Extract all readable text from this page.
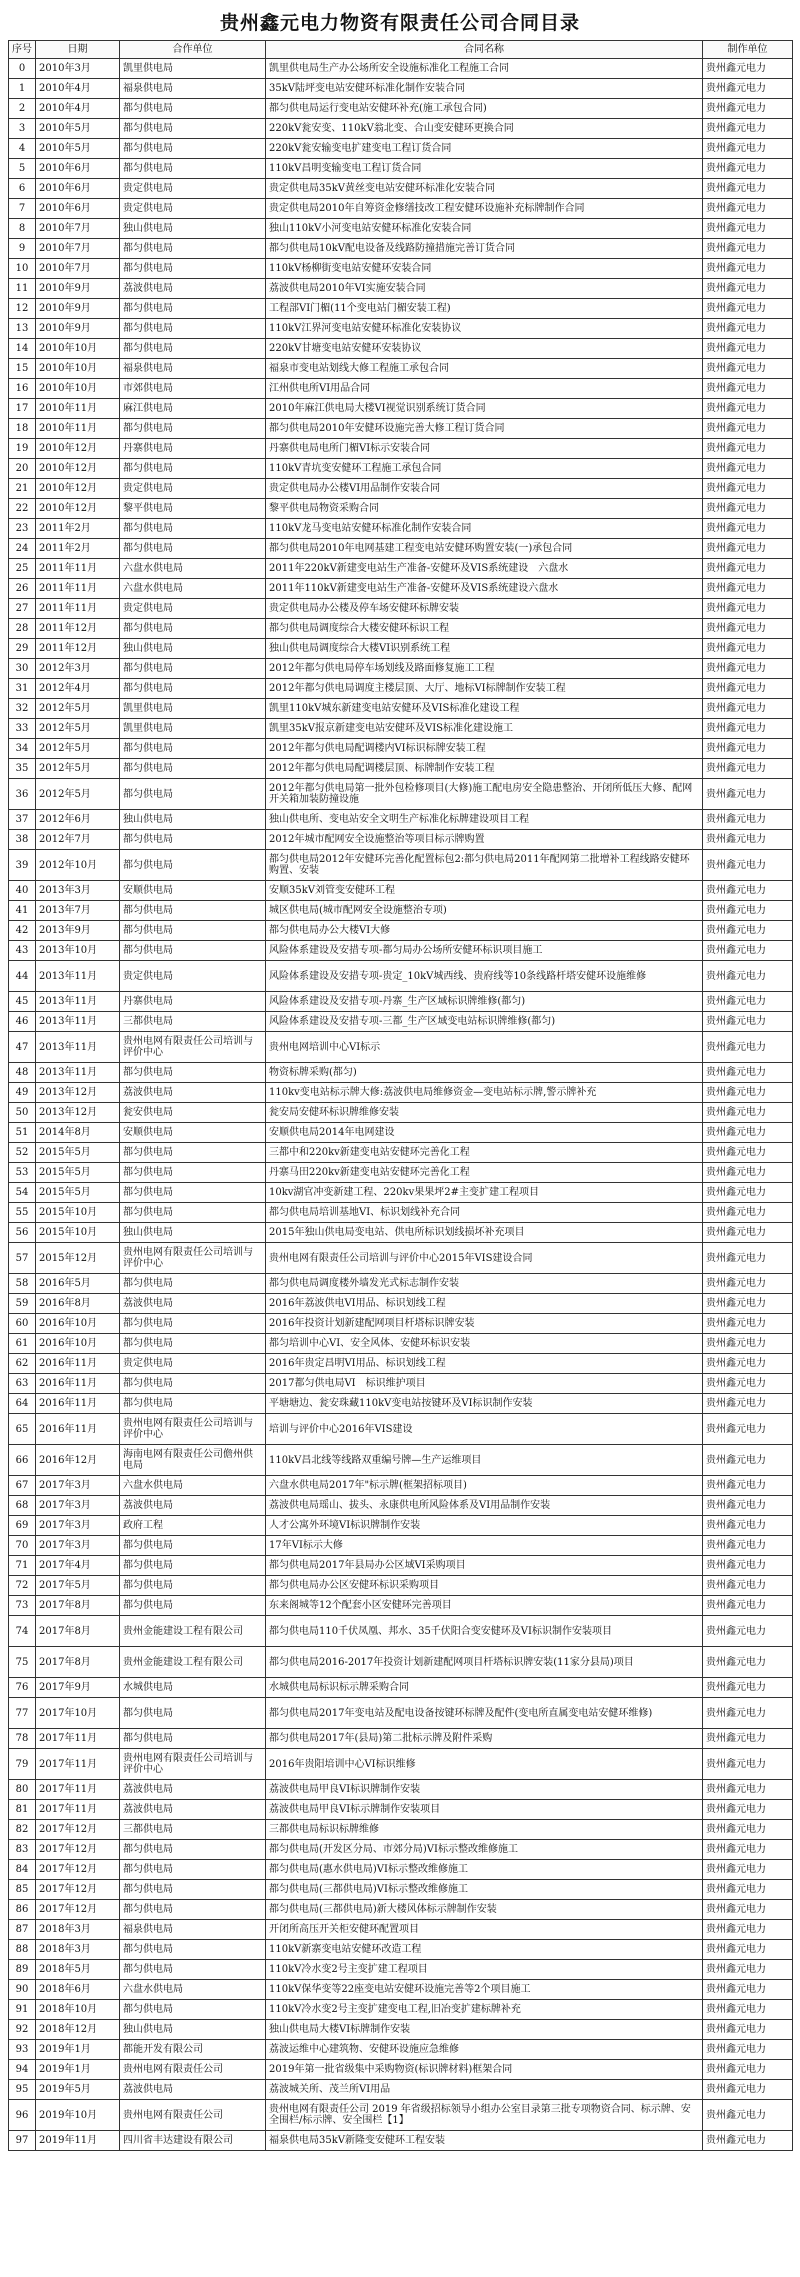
贵州鑫元电力物资有限责任公司合同目录
序号	日期	合作单位	合同名称	制作单位
0	2010年3月	凯里供电局	凯里供电局生产办公场所安全设施标准化工程施工合同	贵州鑫元电力
1	2010年4月	福泉供电局	35kV陆坪变电站安健环标准化制作安装合同	贵州鑫元电力
2	2010年4月	都匀供电局	都匀供电局运行变电站安健环补充(施工承包合同)	贵州鑫元电力
3	2010年5月	都匀供电局	220kV瓮安变、110kV翁北变、合山变安健环更换合同	贵州鑫元电力
4	2010年5月	都匀供电局	220kV瓮安输变电扩建变电工程订货合同	贵州鑫元电力
5	2010年6月	都匀供电局	110kV昌明变输变电工程订货合同	贵州鑫元电力
6	2010年6月	贵定供电局	贵定供电局35kV黄丝变电站安健环标准化安装合同	贵州鑫元电力
7	2010年6月	贵定供电局	贵定供电局2010年自筹资金修缮技改工程安健环设施补充标牌制作合同	贵州鑫元电力
8	2010年7月	独山供电局	独山110kV小河变电站安健环标准化安装合同	贵州鑫元电力
9	2010年7月	都匀供电局	都匀供电局10kV配电设备及线路防撞措施完善订货合同	贵州鑫元电力
10	2010年7月	都匀供电局	110kV杨柳街变电站安健环安装合同	贵州鑫元电力
11	2010年9月	荔波供电局	荔波供电局2010年VI实施安装合同	贵州鑫元电力
12	2010年9月	都匀供电局	工程部VI门楣(11个变电站门楣安装工程)	贵州鑫元电力
13	2010年9月	都匀供电局	110kV江界河变电站安健环标准化安装协议	贵州鑫元电力
14	2010年10月	都匀供电局	220kV甘塘变电站安健环安装协议	贵州鑫元电力
15	2010年10月	福泉供电局	福泉市变电站划线大修工程施工承包合同	贵州鑫元电力
16	2010年10月	市郊供电局	江州供电所VI用品合同	贵州鑫元电力
17	2010年11月	麻江供电局	2010年麻江供电局大楼VI视觉识别系统订货合同	贵州鑫元电力
18	2010年11月	都匀供电局	都匀供电局2010年安健环设施完善大修工程订货合同	贵州鑫元电力
19	2010年12月	丹寨供电局	丹寨供电局电所门楣VI标示安装合同	贵州鑫元电力
20	2010年12月	都匀供电局	110kV青坑变安健环工程施工承包合同	贵州鑫元电力
21	2010年12月	贵定供电局	贵定供电局办公楼VI用品制作安装合同	贵州鑫元电力
22	2010年12月	黎平供电局	黎平供电局物资采购合同	贵州鑫元电力
23	2011年2月	都匀供电局	110kV龙马变电站安健环标准化制作安装合同	贵州鑫元电力
24	2011年2月	都匀供电局	都匀供电局2010年电网基建工程变电站安健环购置安装(一)承包合同	贵州鑫元电力
25	2011年11月	六盘水供电局	2011年220kV新建变电站生产准备-安健环及VIS系统建设　六盘水	贵州鑫元电力
26	2011年11月	六盘水供电局	2011年110kV新建变电站生产准备-安健环及VIS系统建设六盘水	贵州鑫元电力
27	2011年11月	贵定供电局	贵定供电局办公楼及停车场安健环标牌安装	贵州鑫元电力
28	2011年12月	都匀供电局	都匀供电局调度综合大楼安健环标识工程	贵州鑫元电力
29	2011年12月	独山供电局	独山供电局调度综合大楼VI识别系统工程	贵州鑫元电力
30	2012年3月	都匀供电局	2012年都匀供电局停车场划线及路面修复施工工程	贵州鑫元电力
31	2012年4月	都匀供电局	2012年都匀供电局调度主楼层顶、大厅、地标VI标牌制作安装工程	贵州鑫元电力
32	2012年5月	凯里供电局	凯里110kV城东新建变电站安健环及VIS标准化建设工程	贵州鑫元电力
33	2012年5月	凯里供电局	凯里35kV报京新建变电站安健环及VIS标准化建设施工	贵州鑫元电力
34	2012年5月	都匀供电局	2012年都匀供电局配调楼内VI标识标牌安装工程	贵州鑫元电力
35	2012年5月	都匀供电局	2012年都匀供电局配调楼层顶、标牌制作安装工程	贵州鑫元电力
36	2012年5月	都匀供电局	2012年都匀供电局第一批外包检修项目(大修)施工配电房安全隐患整治、开闭所低压大修、配网开关箱加装防撞设施	贵州鑫元电力
37	2012年6月	独山供电局	独山供电所、变电站安全文明生产标准化标牌建设项目工程	贵州鑫元电力
38	2012年7月	都匀供电局	2012年城市配网安全设施整治等项目标示牌购置	贵州鑫元电力
39	2012年10月	都匀供电局	都匀供电局2012年安健环完善化配置标包2:都匀供电局2011年配网第二批增补工程线路安健环购置、安装	贵州鑫元电力
40	2013年3月	安顺供电局	安顺35kV刘管变安健环工程	贵州鑫元电力
41	2013年7月	都匀供电局	城区供电局(城市配网安全设施整治专项)	贵州鑫元电力
42	2013年9月	都匀供电局	都匀供电局办公大楼VI大修	贵州鑫元电力
43	2013年10月	都匀供电局	风险体系建设及安措专项-都匀局办公场所安健环标识项目施工	贵州鑫元电力
44	2013年11月	贵定供电局	风险体系建设及安措专项-贵定_10kV城西线、贵府线等10条线路杆塔安健环设施维修	贵州鑫元电力
45	2013年11月	丹寨供电局	风险体系建设及安措专项-丹寨_生产区域标识牌维修(都匀)	贵州鑫元电力
46	2013年11月	三都供电局	风险体系建设及安措专项-三都_生产区域变电站标识牌维修(都匀)	贵州鑫元电力
47	2013年11月	贵州电网有限责任公司培训与评价中心	贵州电网培训中心VI标示	贵州鑫元电力
48	2013年11月	都匀供电局	物资标牌采购(都匀)	贵州鑫元电力
49	2013年12月	荔波供电局	110kv变电站标示牌大修:荔波供电局维修资金—变电站标示牌,警示牌补充	贵州鑫元电力
50	2013年12月	瓮安供电局	瓮安局安健环标识牌维修安装	贵州鑫元电力
51	2014年8月	安顺供电局	安顺供电局2014年电网建设	贵州鑫元电力
52	2015年5月	都匀供电局	三都中和220kv新建变电站安健环完善化工程	贵州鑫元电力
53	2015年5月	都匀供电局	丹寨马田220kv新建变电站安健环完善化工程	贵州鑫元电力
54	2015年5月	都匀供电局	10kv湖官冲变新建工程、220kv果果坪2#主变扩建工程项目	贵州鑫元电力
55	2015年10月	都匀供电局	都匀供电局培训基地VI、标识划线补充合同	贵州鑫元电力
56	2015年10月	独山供电局	2015年独山供电局变电站、供电所标识划线损坏补充项目	贵州鑫元电力
57	2015年12月	贵州电网有限责任公司培训与评价中心	贵州电网有限责任公司培训与评价中心2015年VIS建设合同	贵州鑫元电力
58	2016年5月	都匀供电局	都匀供电局调度楼外墙发光式标志制作安装	贵州鑫元电力
59	2016年8月	荔波供电局	2016年荔波供电VI用品、标识划线工程	贵州鑫元电力
60	2016年10月	都匀供电局	2016年投资计划新建配网项目杆塔标识牌安装	贵州鑫元电力
61	2016年10月	都匀供电局	都匀培训中心VI、安全风体、安健环标识安装	贵州鑫元电力
62	2016年11月	贵定供电局	2016年贵定昌明VI用品、标识划线工程	贵州鑫元电力
63	2016年11月	都匀供电局	2017都匀供电局VI　标识维护项目	贵州鑫元电力
64	2016年11月	都匀供电局	平塘塘边、瓮安珠藏110kV变电站按键环及VI标识制作安装	贵州鑫元电力
65	2016年11月	贵州电网有限责任公司培训与评价中心	培训与评价中心2016年VIS建设	贵州鑫元电力
66	2016年12月	海南电网有限责任公司儋州供电局	110kV昌北线等线路双重编号牌—生产运维项目	贵州鑫元电力
67	2017年3月	六盘水供电局	六盘水供电局2017年"标示牌(框架招标项目)	贵州鑫元电力
68	2017年3月	荔波供电局	荔波供电局瑶山、拔头、永康供电所风险体系及VI用品制作安装	贵州鑫元电力
69	2017年3月	政府工程	人才公寓外环境VI标识牌制作安装	贵州鑫元电力
70	2017年3月	都匀供电局	17年VI标示大修	贵州鑫元电力
71	2017年4月	都匀供电局	都匀供电局2017年县局办公区域VI采购项目	贵州鑫元电力
72	2017年5月	都匀供电局	都匀供电局办公区安健环标识采购项目	贵州鑫元电力
73	2017年8月	都匀供电局	东来阁城等12个配套小区安健环完善项目	贵州鑫元电力
74	2017年8月	贵州金能建设工程有限公司	都匀供电局110千伏凤凰、邦水、35千伏阳合变安健环及VI标识制作安装项目	贵州鑫元电力
75	2017年8月	贵州金能建设工程有限公司	都匀供电局2016-2017年投资计划新建配网项目杆塔标识牌安装(11家分县局)项目	贵州鑫元电力
76	2017年9月	水城供电局	水城供电局标识标示牌采购合同	贵州鑫元电力
77	2017年10月	都匀供电局	都匀供电局2017年变电站及配电设备按键环标牌及配件(变电所直属变电站安健环维修)	贵州鑫元电力
78	2017年11月	都匀供电局	都匀供电局2017年(县局)第二批标示牌及附件采购	贵州鑫元电力
79	2017年11月	贵州电网有限责任公司培训与评价中心	2016年贵阳培训中心VI标识维修	贵州鑫元电力
80	2017年11月	荔波供电局	荔波供电局甲良VI标识牌制作安装	贵州鑫元电力
81	2017年11月	荔波供电局	荔波供电局甲良VI标示牌制作安装项目	贵州鑫元电力
82	2017年12月	三都供电局	三都供电局标识标牌维修	贵州鑫元电力
83	2017年12月	都匀供电局	都匀供电局(开发区分局、市郊分局)VI标示整改维修施工	贵州鑫元电力
84	2017年12月	都匀供电局	都匀供电局(惠水供电局)VI标示整改维修施工	贵州鑫元电力
85	2017年12月	都匀供电局	都匀供电局(三都供电局)VI标示整改维修施工	贵州鑫元电力
86	2017年12月	都匀供电局	都匀供电局(三都供电局)新大楼风体标示牌制作安装	贵州鑫元电力
87	2018年3月	福泉供电局	开闭所高压开关柜安健环配置项目	贵州鑫元电力
88	2018年3月	都匀供电局	110kV新寨变电站安健环改造工程	贵州鑫元电力
89	2018年5月	都匀供电局	110kV冷水变2号主变扩建工程项目	贵州鑫元电力
90	2018年6月	六盘水供电局	110kV保华变等22座变电站安健环设施完善等2个项目施工	贵州鑫元电力
91	2018年10月	都匀供电局	110kV冷水变2号主变扩建变电工程,旧冶变扩建标牌补充	贵州鑫元电力
92	2018年12月	独山供电局	独山供电局大楼VI标牌制作安装	贵州鑫元电力
93	2019年1月	都能开发有限公司	荔波运维中心建筑物、安健环设施应急维修	贵州鑫元电力
94	2019年1月	贵州电网有限责任公司	2019年第一批省级集中采购物资(标识牌材料)框架合同	贵州鑫元电力
95	2019年5月	荔波供电局	荔波城关所、茂兰所VI用品	贵州鑫元电力
96	2019年10月	贵州电网有限责任公司	贵州电网有限责任公司 2019 年省级招标领导小组办公室目录第三批专项物资合同、标示牌、安全围栏/标示牌、安全围栏【1】	贵州鑫元电力
97	2019年11月	四川省丰达建设有限公司	福泉供电局35kV新隆变安健环工程安装	贵州鑫元电力
